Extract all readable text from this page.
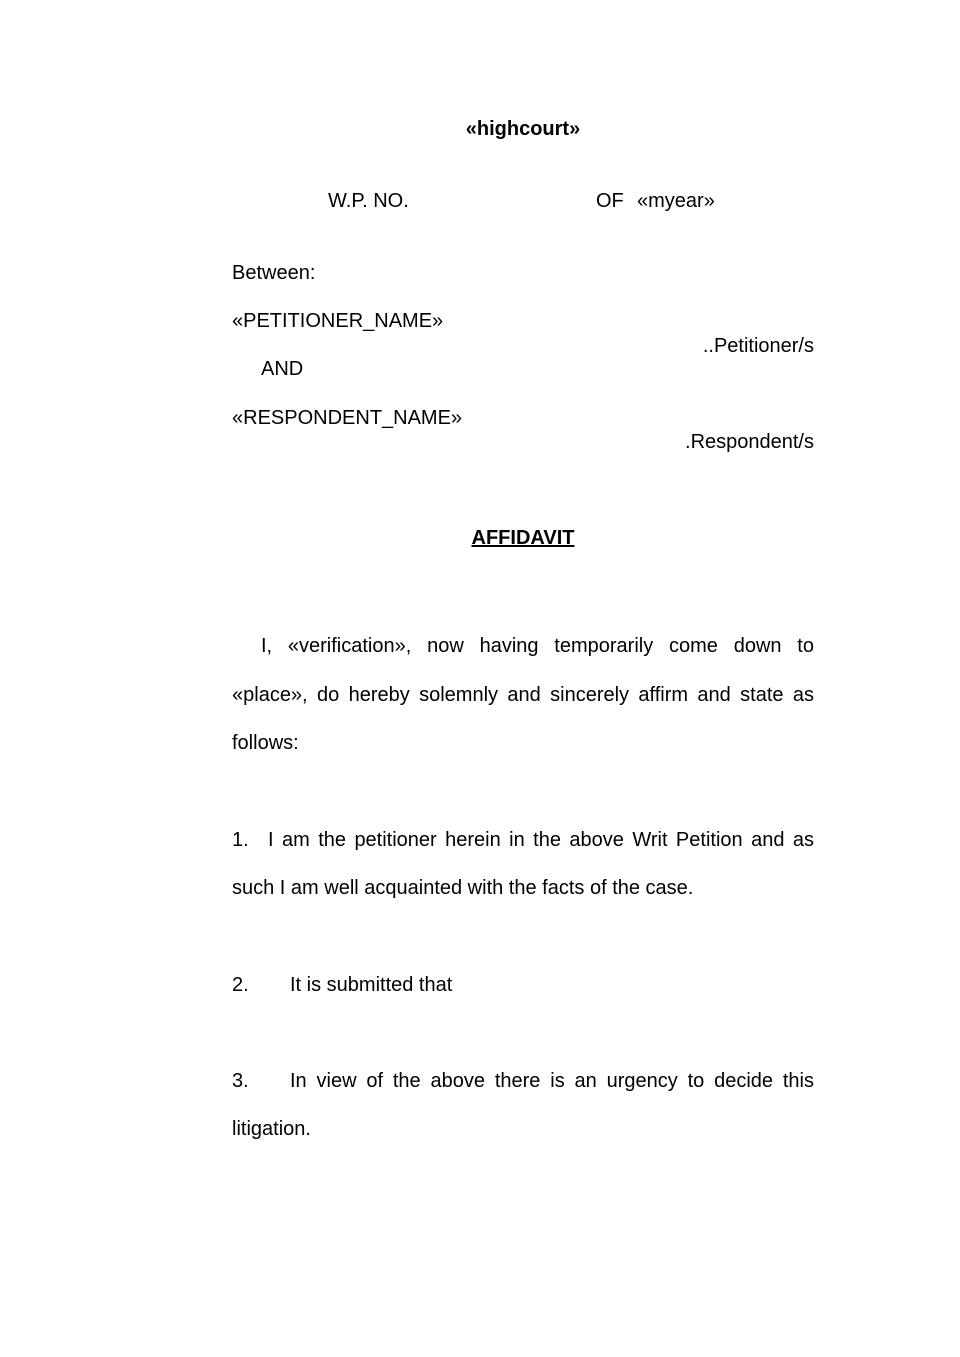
«highcourt»
W.P. NO.	OF «myear»
Between:
«PETITIONER_NAME»
..Petitioner/s
AND
«RESPONDENT_NAME»
.Respondent/s
AFFIDAVIT
I, «verification», now having temporarily come down to
«place», do hereby solemnly and sincerely affirm and state as
follows:
1. I am the petitioner herein in the above Writ Petition and as
such I am well acquainted with the facts of the case.
2. It is submitted that
3. In view of the above there is an urgency to decide this
litigation.
